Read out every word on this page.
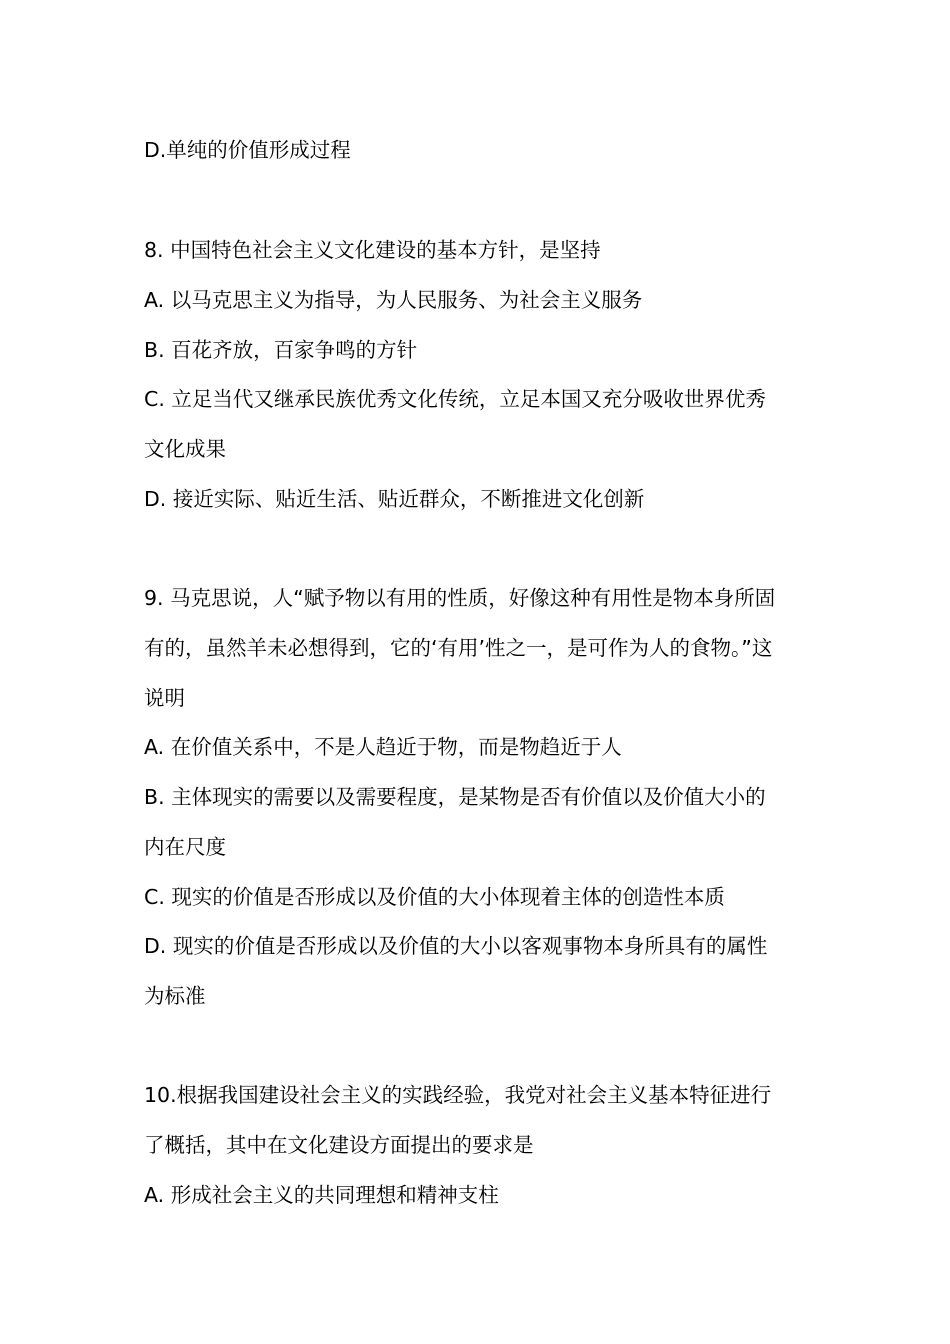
D.单纯的价值形成过程
8. 中国特色社会主义文化建设的基本方针，是坚持
A. 以马克思主义为指导，为人民服务、为社会主义服务
B. 百花齐放，百家争鸣的方针
C. 立足当代又继承民族优秀文化传统，立足本国又充分吸收世界优秀
文化成果
D. 接近实际、贴近生活、贴近群众，不断推进文化创新
9. 马克思说，人“赋予物以有用的性质，好像这种有用性是物本身所固
有的，虽然羊未必想得到，它的‘有用’性之一，是可作为人的食物。”这
说明
A. 在价值关系中，不是人趋近于物，而是物趋近于人
B. 主体现实的需要以及需要程度，是某物是否有价值以及价值大小的
内在尺度
C. 现实的价值是否形成以及价值的大小体现着主体的创造性本质
D. 现实的价值是否形成以及价值的大小以客观事物本身所具有的属性
为标准
10.根据我国建设社会主义的实践经验，我党对社会主义基本特征进行
了概括，其中在文化建设方面提出的要求是
A. 形成社会主义的共同理想和精神支柱
